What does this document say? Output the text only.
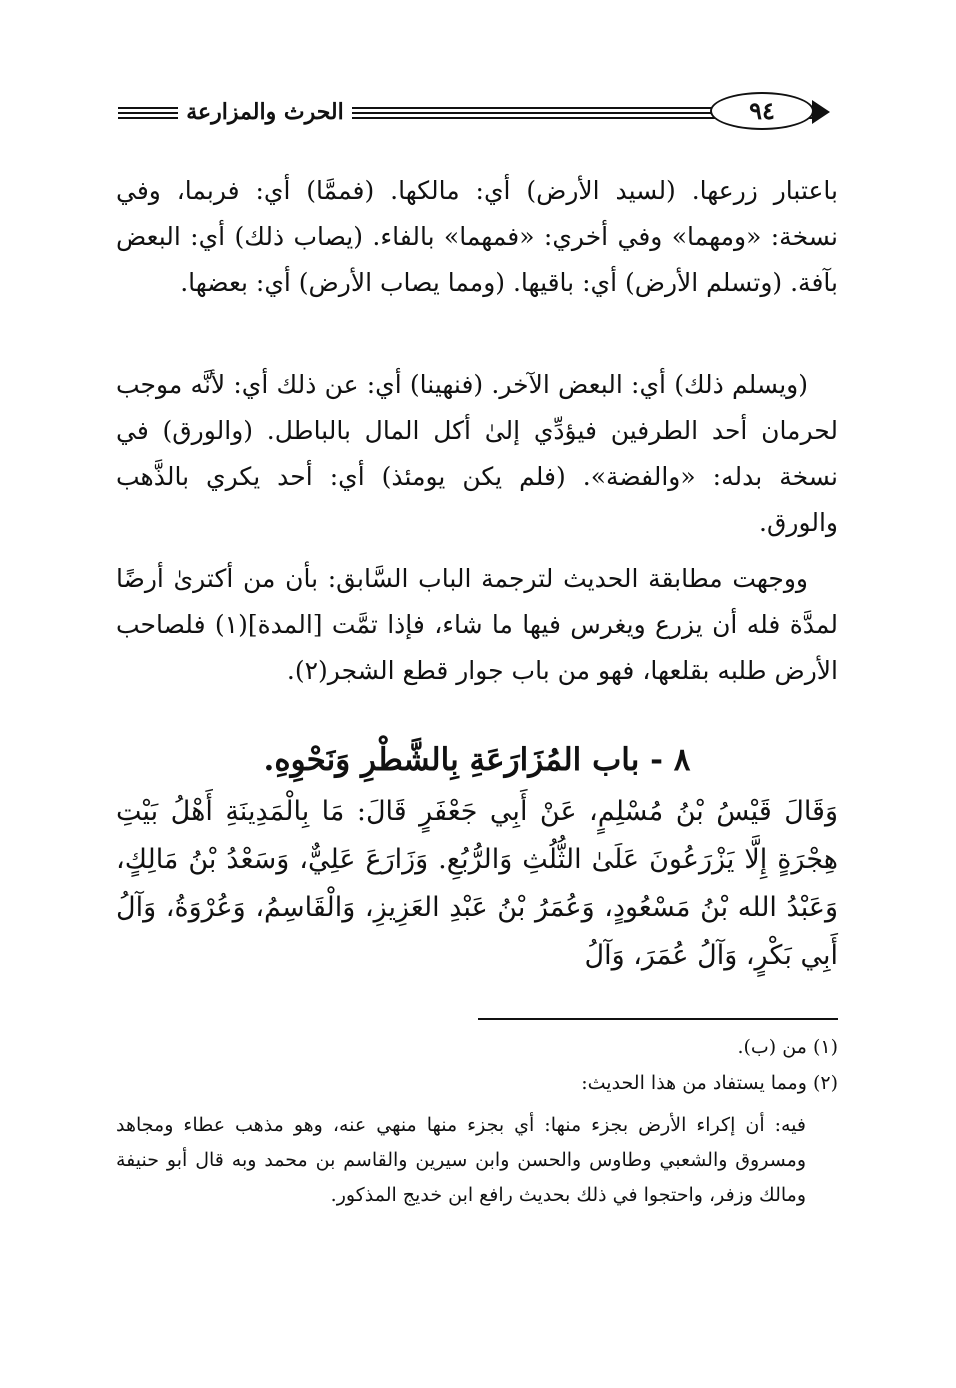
الحرث والمزارعة	٩٤

باعتبار زرعها. (لسيد الأرض) أي: مالكها. (فممَّا) أي: فربما، وفي نسخة: «ومهما» وفي أخري: «فمهما» بالفاء. (يصاب ذلك) أي: البعض بآفة. (وتسلم الأرض) أي: باقيها. (ومما يصاب الأرض) أي: بعضها.

(ويسلم ذلك) أي: البعض الآخر. (فنهينا) أي: عن ذلك أي: لأنَّه موجب لحرمان أحد الطرفين فيؤدِّي إلىٰ أكل المال بالباطل. (والورق) في نسخة بدله: «والفضة». (فلم يكن يومئذ) أي: أحد يكري بالذَّهب والورق.

ووجهت مطابقة الحديث لترجمة الباب السَّابق: بأن من أكترىٰ أرضًا لمدَّة فله أن يزرع ويغرس فيها ما شاء، فإذا تمَّت [المدة](١) فلصاحب الأرض طلبه بقلعها، فهو من باب جوار قطع الشجر(٢).

٨ - باب المُزَارَعَةِ بِالشَّطْرِ وَنَحْوِهِ.
وَقَالَ قَيْسُ بْنُ مُسْلِمٍ، عَنْ أَبِي جَعْفَرٍ قَالَ: مَا بِالْمَدِينَةِ أَهْلُ بَيْتِ هِجْرَةٍ إِلَّا يَزْرَعُونَ عَلَىٰ الثُّلُثِ وَالرُّبُعِ. وَزَارَعَ عَلِيٌّ، وَسَعْدُ بْنُ مَالِكٍ، وَعَبْدُ الله بْنُ مَسْعُودٍ، وَعُمَرُ بْنُ عَبْدِ العَزِيزِ، وَالْقَاسِمُ، وَعُرْوَةُ، وَآلُ أَبِي بَكْرٍ، وَآلُ عُمَرَ، وَآلُ
(١) من (ب).
(٢) ومما يستفاد من هذا الحديث:
فيه: أن إكراء الأرض بجزء منها: أي بجزء منها منهي عنه، وهو مذهب عطاء ومجاهد ومسروق والشعبي وطاوس والحسن وابن سيرين والقاسم بن محمد وبه قال أبو حنيفة ومالك وزفر، واحتجوا في ذلك بحديث رافع ابن خديج المذكور.
